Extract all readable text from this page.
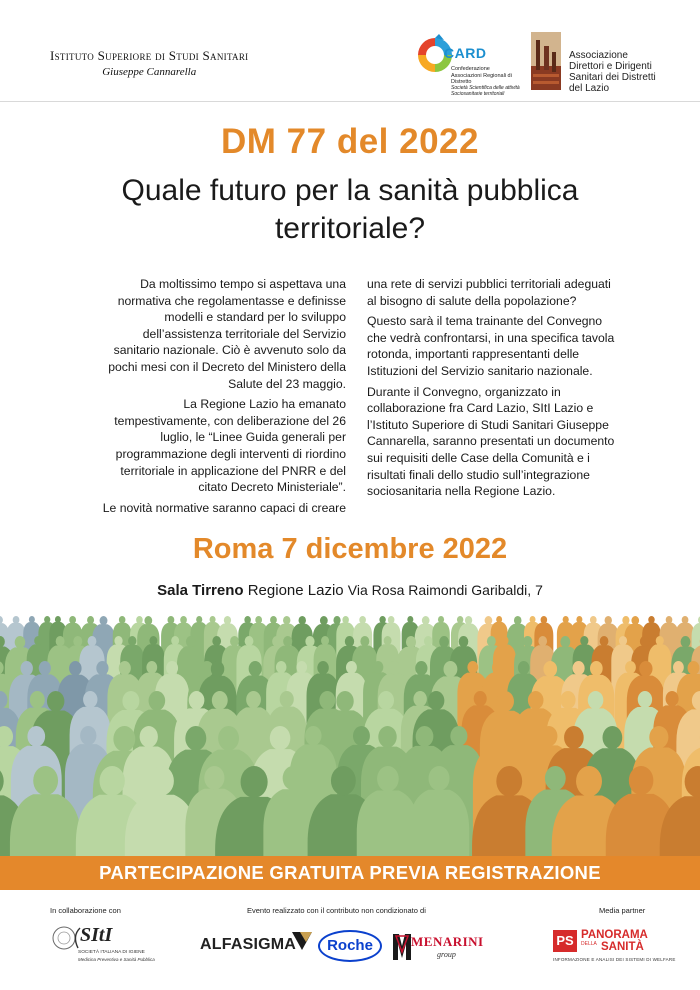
Istituto Superiore di Studi Sanitari
Giuseppe Cannarella
CARD
Confederazione Associazioni Regionali di Distretto
Società Scientifica delle attività Sociosanitarie territoriali
Associazione
Direttori e Dirigenti
Sanitari dei Distretti
del Lazio
DM 77 del 2022
Quale futuro per la sanità pubblica
territoriale?

Da moltissimo tempo si aspettava una normativa che regolamentasse e definisse modelli e standard per lo sviluppo dell’assistenza territoriale del Servizio sanitario nazionale. Ciò è avvenuto solo da pochi mesi con il Decreto del Ministero della Salute del 23 maggio.

La Regione Lazio ha emanato tempestivamente, con deliberazione del 26 luglio, le “Linee Guida generali per programmazione degli interventi di riordino territoriale in applicazione del PNRR e del citato Decreto Ministeriale”.

Le novità normative saranno capaci di creare

una rete di servizi pubblici territoriali adeguati al bisogno di salute della popolazione?

Questo sarà il tema trainante del Convegno che vedrà confrontarsi, in una specifica tavola rotonda, importanti rappresentanti delle Istituzioni del Servizio sanitario nazionale.

Durante il Convegno, organizzato in collaborazione fra Card Lazio, SItI Lazio e l’Istituto Superiore di Studi Sanitari Giuseppe Cannarella, saranno presentati un documento sui requisiti delle Case della Comunità e i risultati finali dello studio sull’integrazione sociosanitaria nella Regione Lazio.

Roma 7 dicembre 2022
Sala Tirreno Regione Lazio Via Rosa Raimondi Garibaldi, 7
PARTECIPAZIONE GRATUITA PREVIA REGISTRAZIONE
In collaborazione con	Evento realizzato con il contributo non condizionato di	Media partner
SItI
SOCIETÀ ITALIANA DI IGIENE
Medicina Preventiva e Sanità Pubblica
ALFASIGMA	Roche	MENARINI
group
PS PANORAMA
SANITÀ
DELLA
INFORMAZIONE E ANALISI DEI SISTEMI DI WELFARE
